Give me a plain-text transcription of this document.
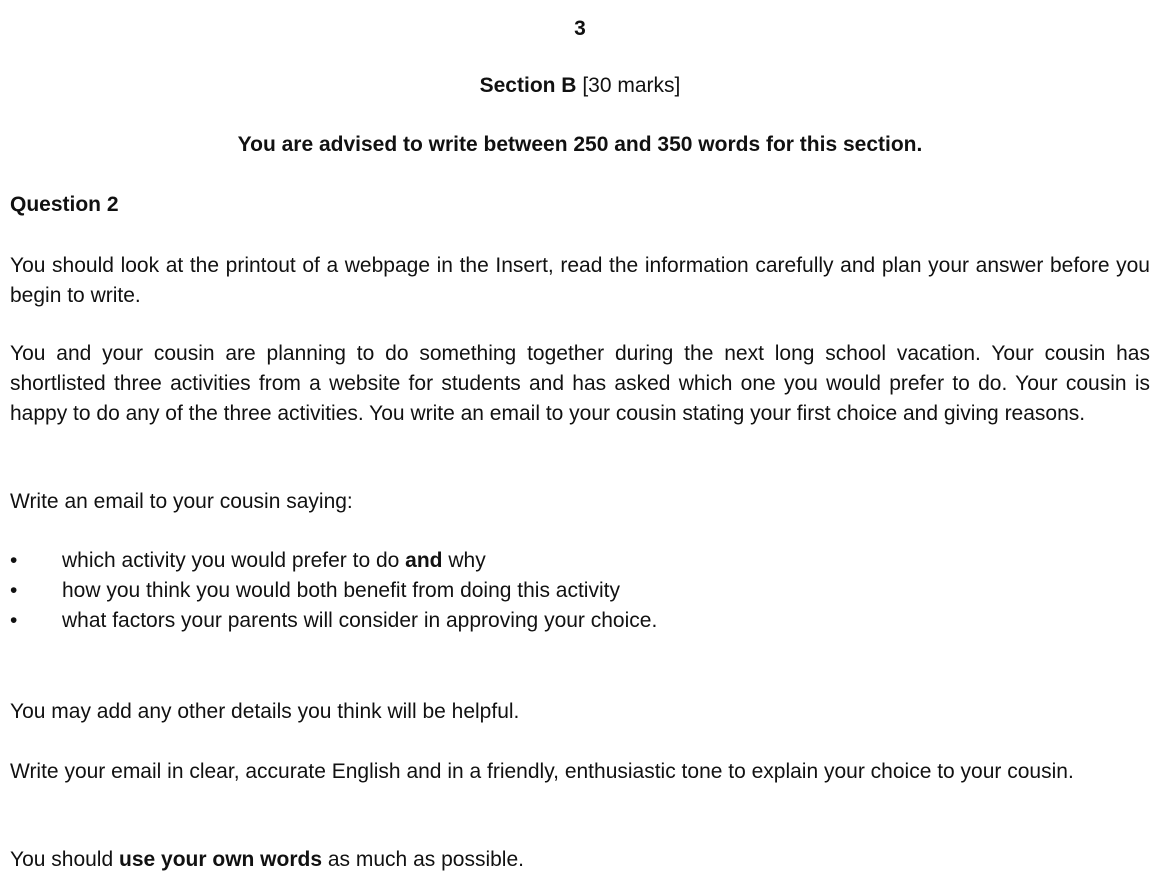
3
Section B [30 marks]
You are advised to write between 250 and 350 words for this section.
Question 2

You should look at the printout of a webpage in the Insert, read the information carefully and plan your answer before you begin to write.

You and your cousin are planning to do something together during the next long school vacation. Your cousin has shortlisted three activities from a website for students and has asked which one you would prefer to do. Your cousin is happy to do any of the three activities. You write an email to your cousin stating your first choice and giving reasons.

Write an email to your cousin saying:

•	which activity you would prefer to do and why
•	how you think you would both benefit from doing this activity
•	what factors your parents will consider in approving your choice.

You may add any other details you think will be helpful.

Write your email in clear, accurate English and in a friendly, enthusiastic tone to explain your choice to your cousin.

You should use your own words as much as possible.
